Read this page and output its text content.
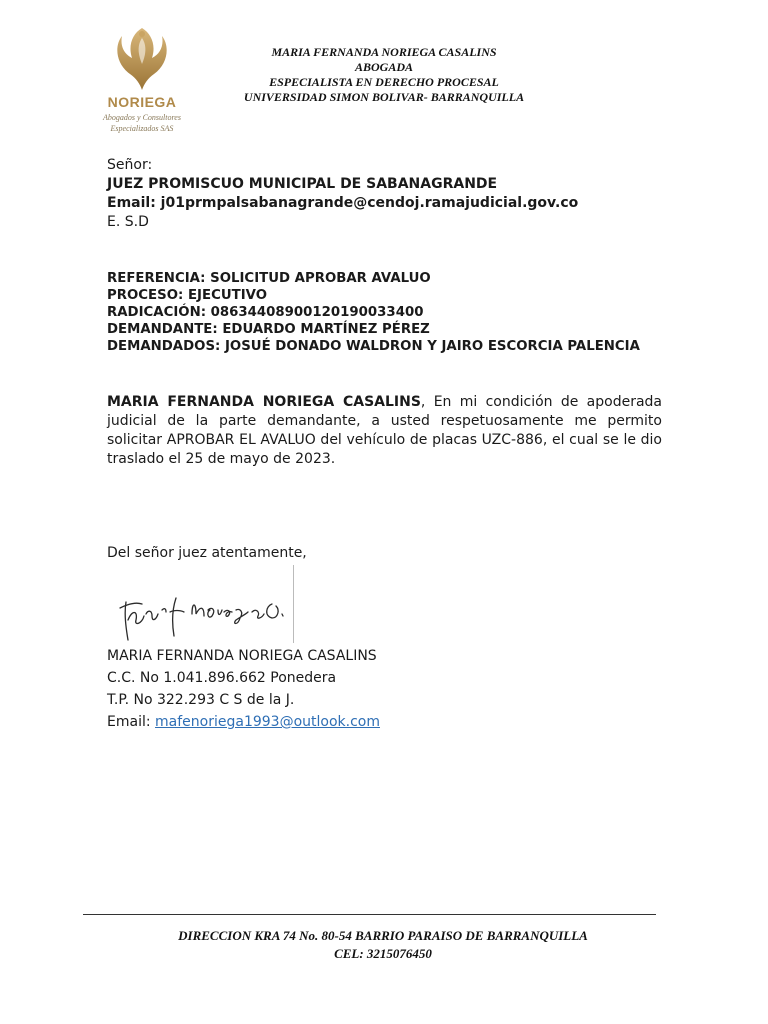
NORIEGA
Abogados y Consultores
Especializados SAS
MARIA FERNANDA NORIEGA CASALINS
ABOGADA
ESPECIALISTA EN DERECHO PROCESAL
UNIVERSIDAD SIMON BOLIVAR- BARRANQUILLA
Señor:
JUEZ PROMISCUO MUNICIPAL DE SABANAGRANDE
Email: j01prmpalsabanagrande@cendoj.ramajudicial.gov.co
E. S.D
REFERENCIA: SOLICITUD APROBAR AVALUO
PROCESO: EJECUTIVO
RADICACIÓN: 08634408900120190033400
DEMANDANTE: EDUARDO MARTÍNEZ PÉREZ
DEMANDADOS: JOSUÉ DONADO WALDRON Y JAIRO ESCORCIA PALENCIA
MARIA FERNANDA NORIEGA CASALINS, En mi condición de apoderada judicial de la parte demandante, a usted respetuosamente me permito solicitar APROBAR EL AVALUO del vehículo de placas UZC-886, el cual se le dio traslado el 25 de mayo de 2023.
Del señor juez atentamente,
MARIA FERNANDA NORIEGA CASALINS
C.C. No 1.041.896.662 Ponedera
T.P. No 322.293 C S de la J.
Email: mafenoriega1993@outlook.com
DIRECCION KRA 74 No. 80-54 BARRIO PARAISO DE BARRANQUILLA
CEL: 3215076450
